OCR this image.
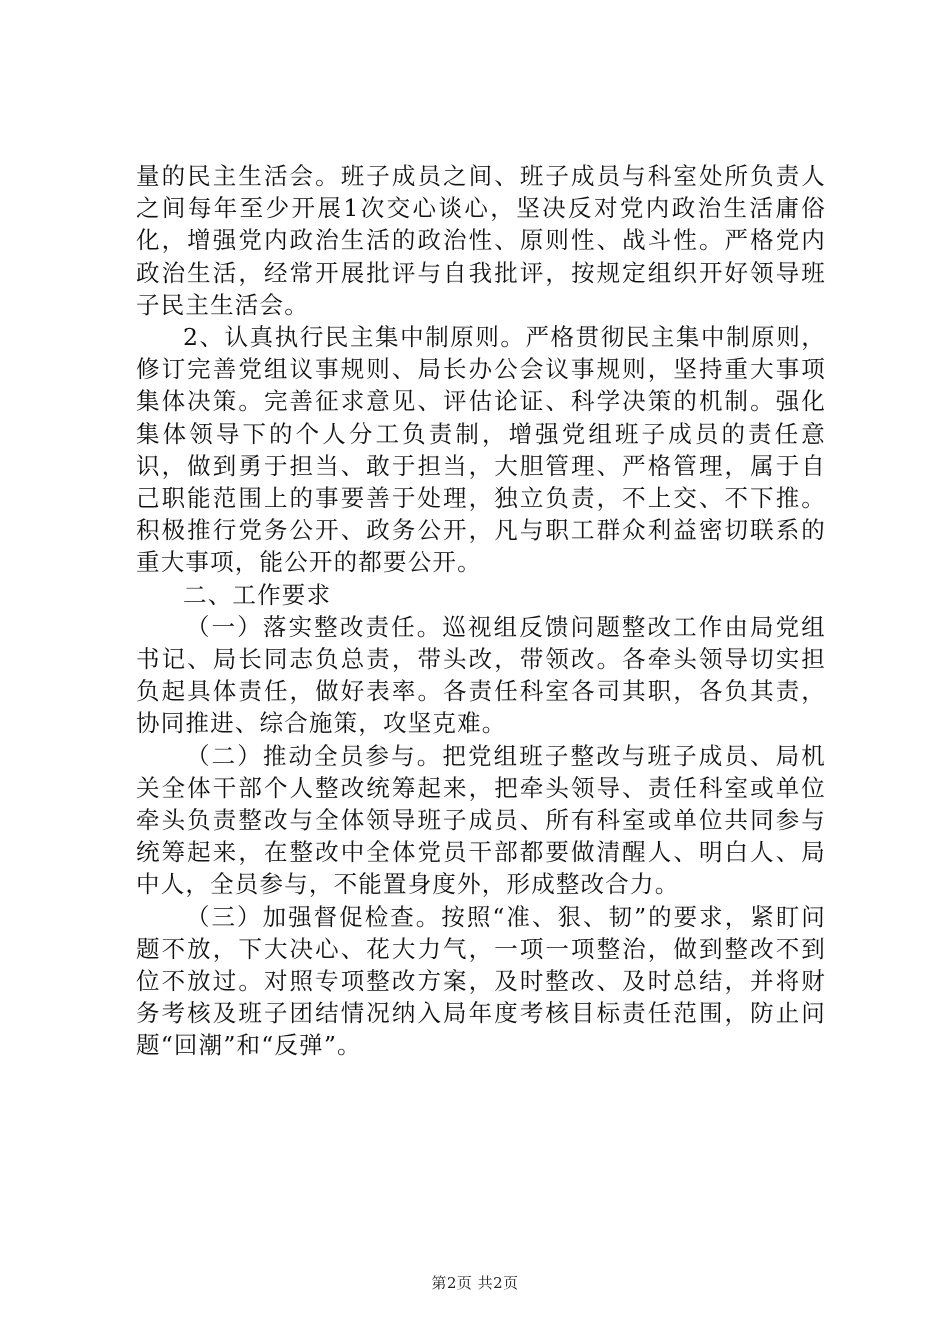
量的民主生活会。班子成员之间、班子成员与科室处所负责人之间每年至少开展1次交心谈心，坚决反对党内政治生活庸俗化，增强党内政治生活的政治性、原则性、战斗性。严格党内政治生活，经常开展批评与自我批评，按规定组织开好领导班子民主生活会。

2、认真执行民主集中制原则。严格贯彻民主集中制原则，修订完善党组议事规则、局长办公会议事规则，坚持重大事项集体决策。完善征求意见、评估论证、科学决策的机制。强化集体领导下的个人分工负责制，增强党组班子成员的责任意识，做到勇于担当、敢于担当，大胆管理、严格管理，属于自己职能范围上的事要善于处理，独立负责，不上交、不下推。积极推行党务公开、政务公开，凡与职工群众利益密切联系的重大事项，能公开的都要公开。

二、工作要求

（一）落实整改责任。巡视组反馈问题整改工作由局党组书记、局长同志负总责，带头改，带领改。各牵头领导切实担负起具体责任，做好表率。各责任科室各司其职，各负其责，协同推进、综合施策，攻坚克难。

（二）推动全员参与。把党组班子整改与班子成员、局机关全体干部个人整改统筹起来，把牵头领导、责任科室或单位牵头负责整改与全体领导班子成员、所有科室或单位共同参与统筹起来，在整改中全体党员干部都要做清醒人、明白人、局中人，全员参与，不能置身度外，形成整改合力。

（三）加强督促检查。按照“准、狠、韧”的要求，紧盯问题不放，下大决心、花大力气，一项一项整治，做到整改不到位不放过。对照专项整改方案，及时整改、及时总结，并将财务考核及班子团结情况纳入局年度考核目标责任范围，防止问题“回潮”和“反弹”。

第2页 共2页
